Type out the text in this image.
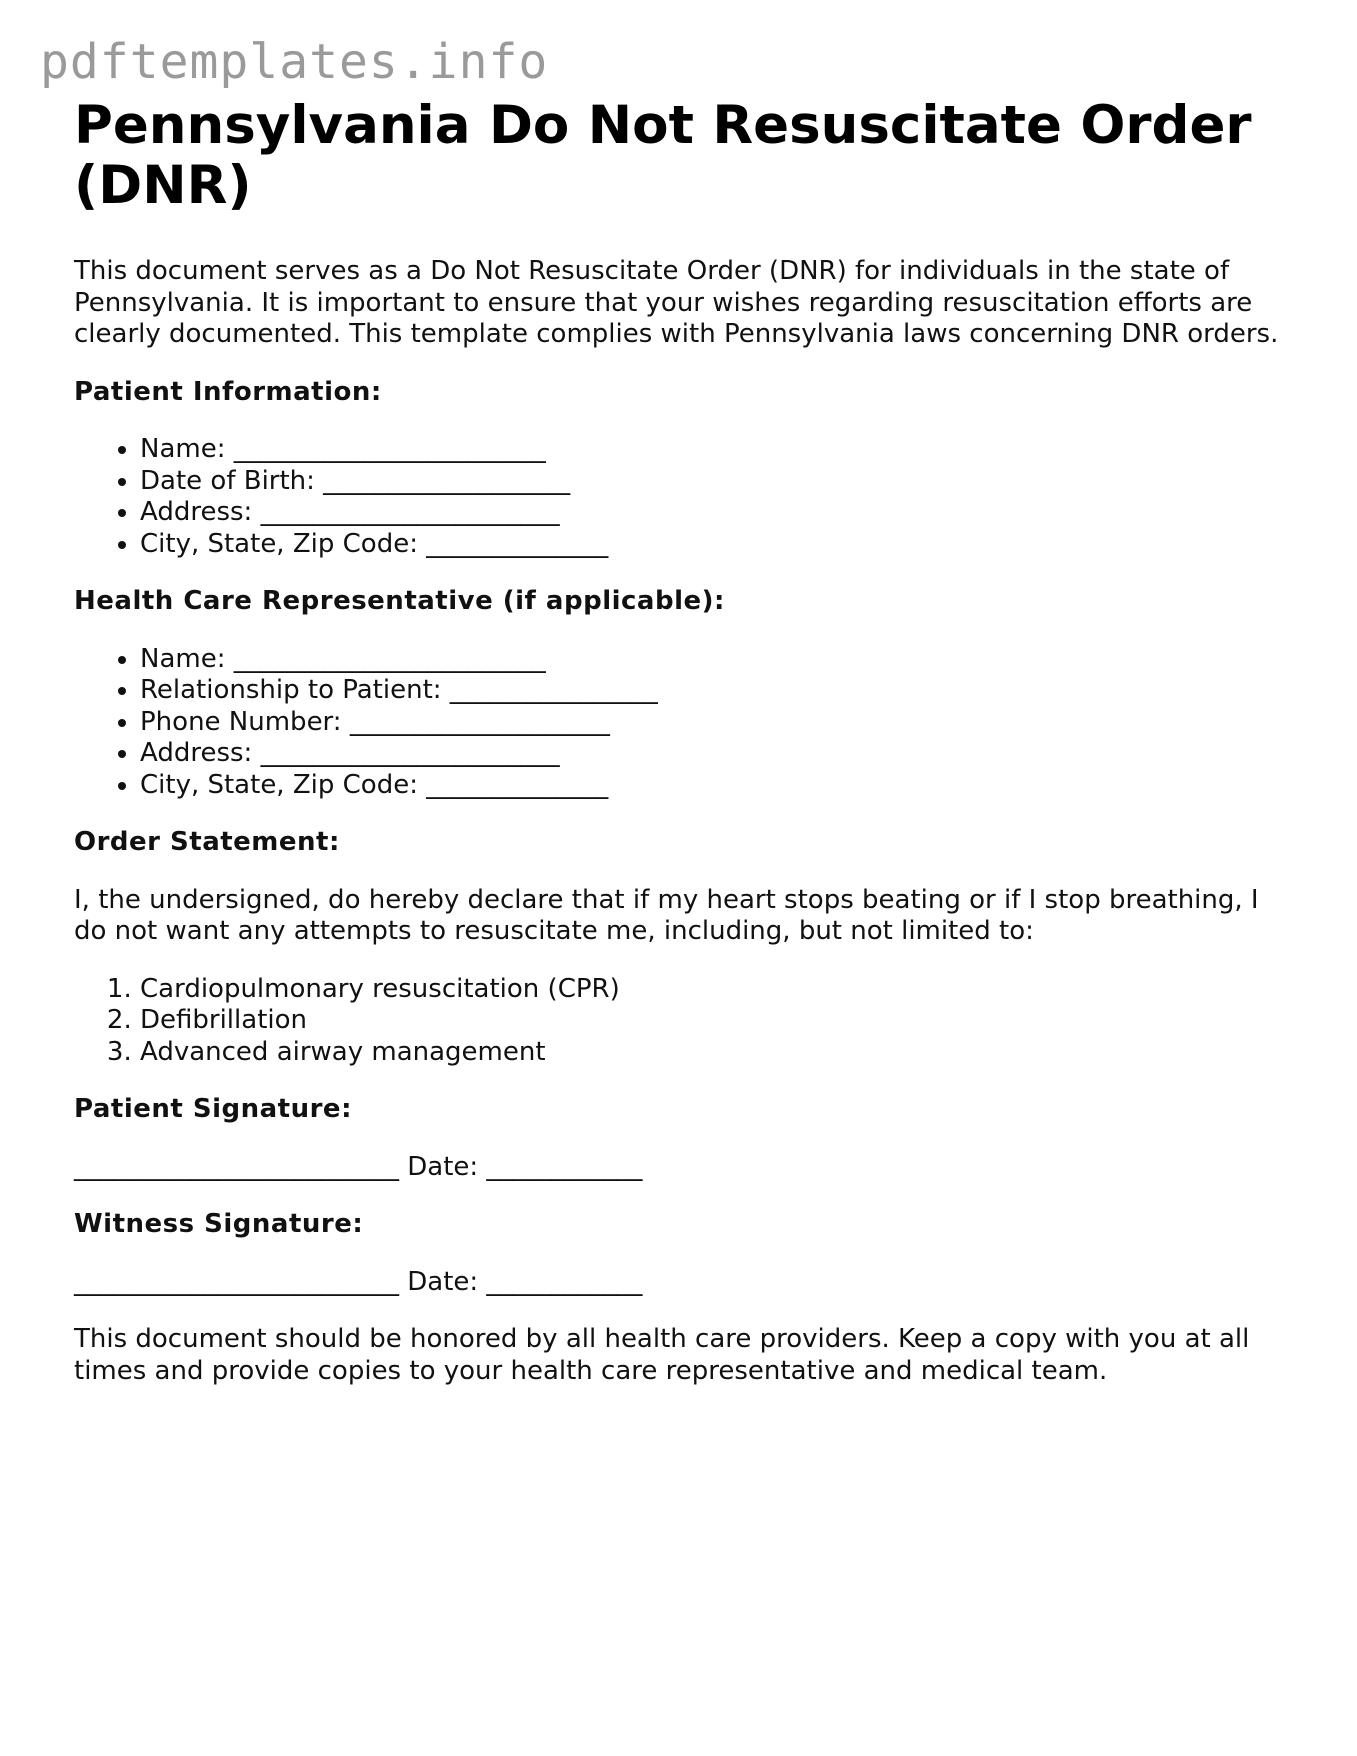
pdftemplates.info
Pennsylvania Do Not Resuscitate Order (DNR)

This document serves as a Do Not Resuscitate Order (DNR) for individuals in the state of Pennsylvania. It is important to ensure that your wishes regarding resuscitation efforts are clearly documented. This template complies with Pennsylvania laws concerning DNR orders.

Patient Information:
• Name: ________________________
• Date of Birth: ___________________
• Address: _______________________
• City, State, Zip Code: ______________
Health Care Representative (if applicable):
• Name: ________________________
• Relationship to Patient: ________________
• Phone Number: ____________________
• Address: _______________________
• City, State, Zip Code: ______________
Order Statement:

I, the undersigned, do hereby declare that if my heart stops beating or if I stop breathing, I do not want any attempts to resuscitate me, including, but not limited to:

1. Cardiopulmonary resuscitation (CPR)
2. Defibrillation
3. Advanced airway management
Patient Signature:

_________________________ Date: ____________

Witness Signature:

_________________________ Date: ____________

This document should be honored by all health care providers. Keep a copy with you at all times and provide copies to your health care representative and medical team.
